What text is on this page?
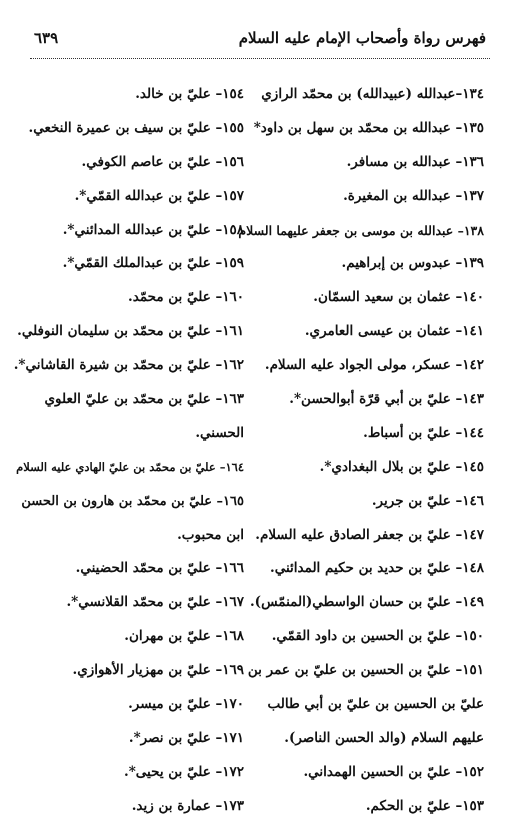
فهرس رواة وأصحاب الإمام عليه السلام
٦٣٩
١٣٤–عبدالله (عبيدالله) بن محمّد الرازي
١٣٥– عبدالله بن محمّد بن سهل بن داود*
١٣٦– عبدالله بن مسافر.
١٣٧– عبدالله بن المغيرة.
١٣٨– عبدالله بن موسى بن جعفر عليهما السلام
١٣٩– عبدوس بن إبراهيم.
١٤٠– عثمان بن سعيد السمّان.
١٤١– عثمان بن عيسى العامري.
١٤٢– عسكر، مولى الجواد عليه السلام.
١٤٣– عليّ بن أبي قرّة أبوالحسن*.
١٤٤– عليّ بن أسباط.
١٤٥– عليّ بن بلال البغدادي*.
١٤٦– عليّ بن جرير.
١٤٧– عليّ بن جعفر الصادق عليه السلام.
١٤٨– عليّ بن حديد بن حكيم المدائني.
١٤٩– عليّ بن حسان الواسطي(المنمّس).
١٥٠– عليّ بن الحسين بن داود القمّي.
١٥١– عليّ بن الحسين بن عليّ بن عمر بن
عليّ بن الحسين بن عليّ بن أبي طالب
عليهم السلام (والد الحسن الناصر).
١٥٢– عليّ بن الحسين الهمداني.
١٥٣– عليّ بن الحكم.
١٥٤– عليّ بن خالد.
١٥٥– عليّ بن سيف بن عميرة النخعي.
١٥٦– عليّ بن عاصم الكوفي.
١٥٧– عليّ بن عبدالله القمّي*.
١٥٨– عليّ بن عبدالله المدائني*.
١٥٩– عليّ بن عبدالملك القمّي*.
١٦٠– عليّ بن محمّد.
١٦١– عليّ بن محمّد بن سليمان النوفلي.
١٦٢– عليّ بن محمّد بن شيرة القاشاني*.
١٦٣– عليّ بن محمّد بن عليّ العلوي
الحسني.
١٦٤– عليّ بن محمّد بن عليّ الهادي عليه السلام
١٦٥– عليّ بن محمّد بن هارون بن الحسن
ابن محبوب.
١٦٦– عليّ بن محمّد الحضيني.
١٦٧– عليّ بن محمّد القلانسي*.
١٦٨– عليّ بن مهران.
١٦٩– عليّ بن مهزيار الأهوازي.
١٧٠– عليّ بن ميسر.
١٧١– عليّ بن نصر*.
١٧٢– عليّ بن يحيى*.
١٧٣– عمارة بن زيد.
